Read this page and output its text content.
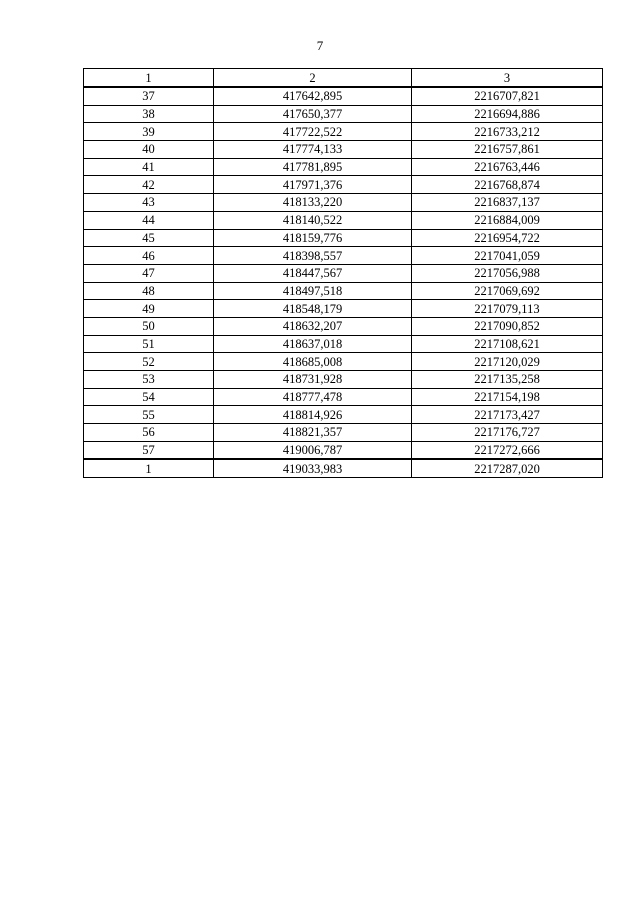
7
1	2	3
37	417642,895	2216707,821
38	417650,377	2216694,886
39	417722,522	2216733,212
40	417774,133	2216757,861
41	417781,895	2216763,446
42	417971,376	2216768,874
43	418133,220	2216837,137
44	418140,522	2216884,009
45	418159,776	2216954,722
46	418398,557	2217041,059
47	418447,567	2217056,988
48	418497,518	2217069,692
49	418548,179	2217079,113
50	418632,207	2217090,852
51	418637,018	2217108,621
52	418685,008	2217120,029
53	418731,928	2217135,258
54	418777,478	2217154,198
55	418814,926	2217173,427
56	418821,357	2217176,727
57	419006,787	2217272,666
1	419033,983	2217287,020
